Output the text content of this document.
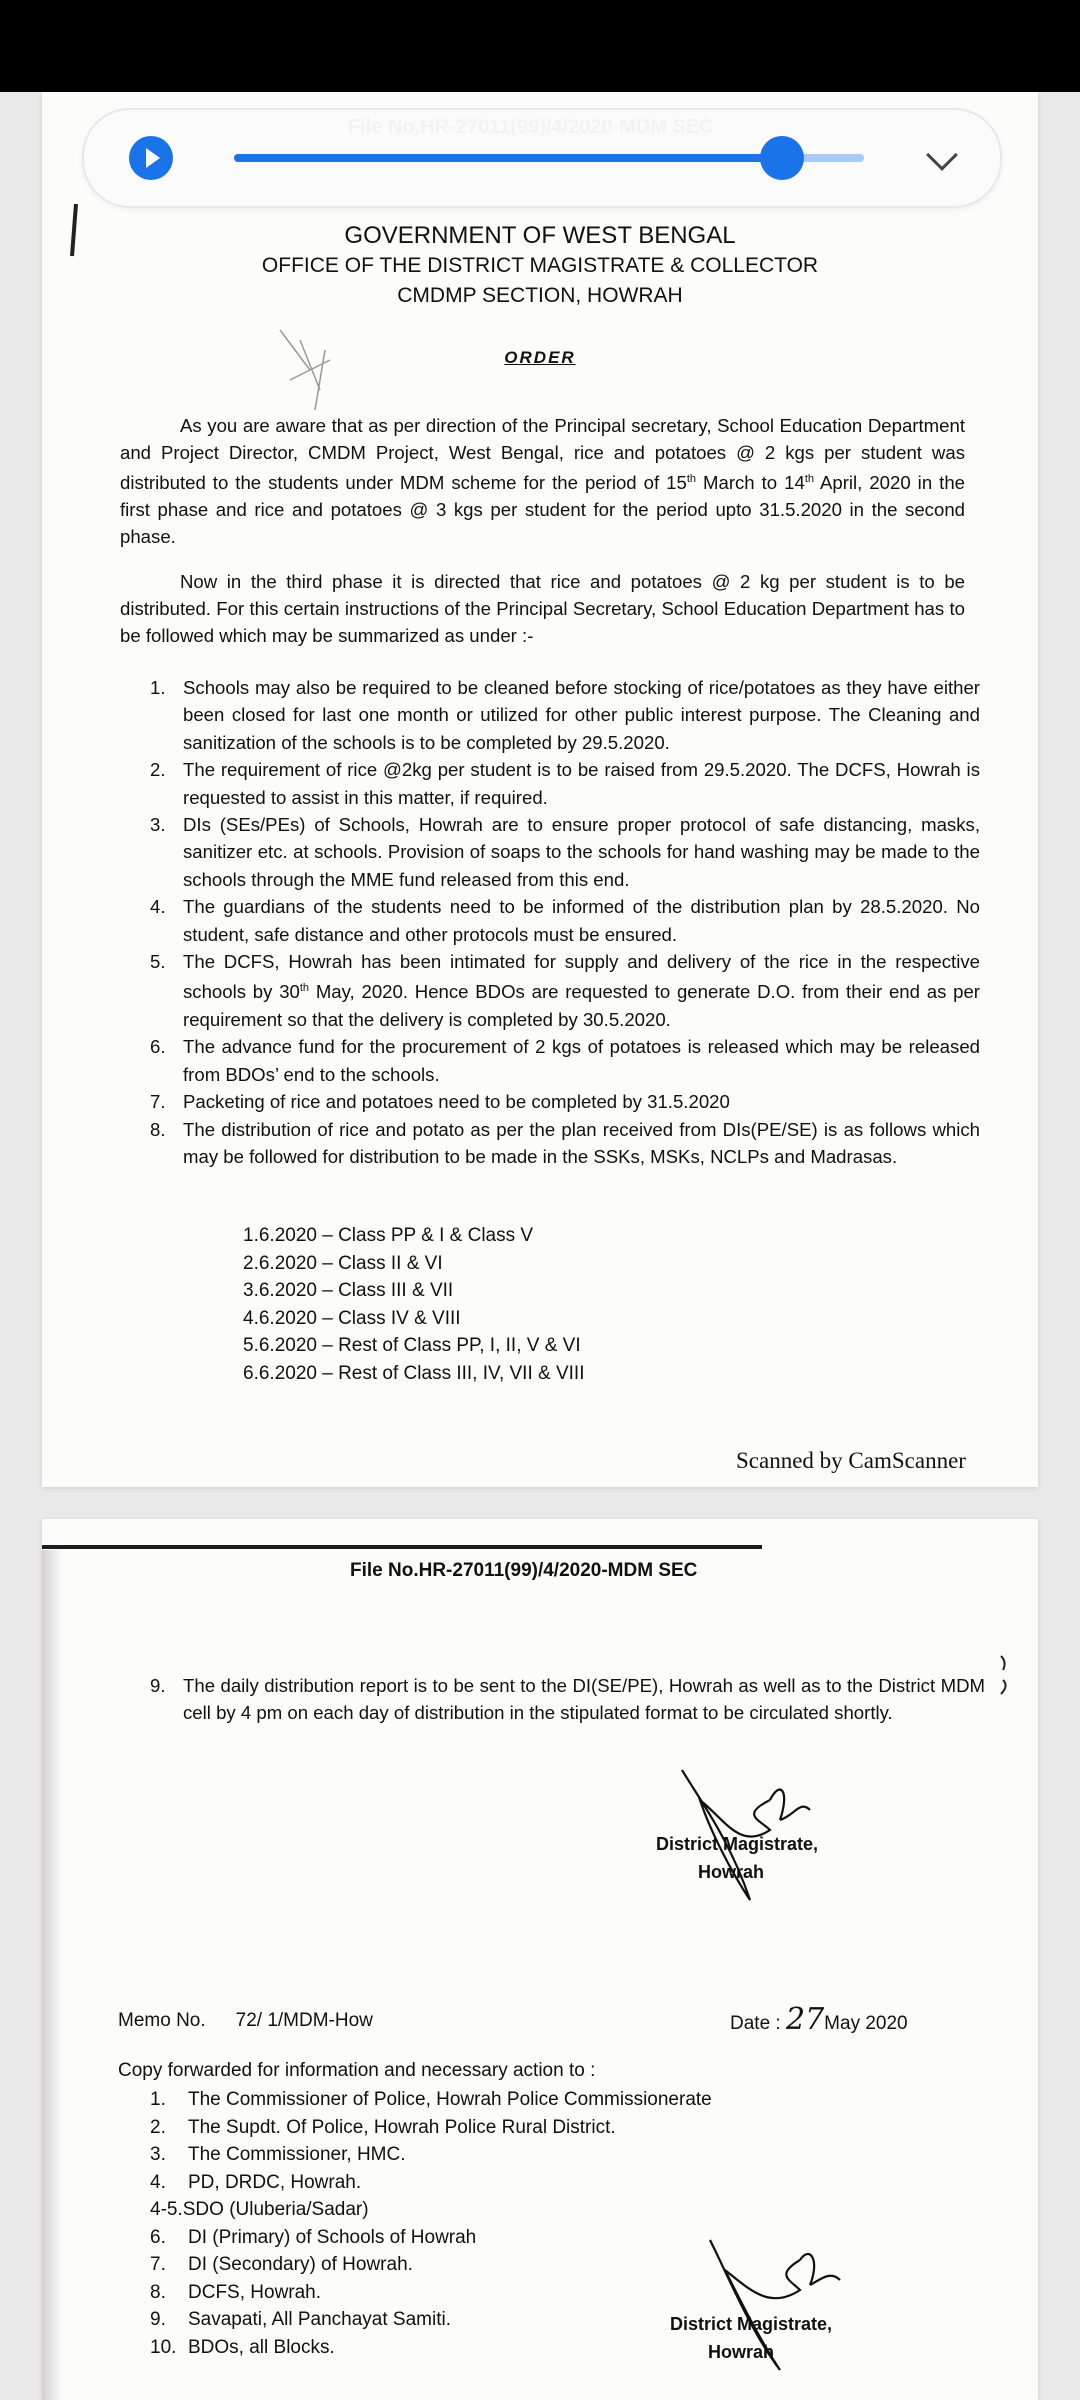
GOVERNMENT OF WEST BENGAL
OFFICE OF THE DISTRICT MAGISTRATE & COLLECTOR
CMDMP SECTION, HOWRAH
ORDER
As you are aware that as per direction of the Principal secretary, School Education Department and Project Director, CMDM Project, West Bengal, rice and potatoes @ 2 kgs per student was distributed to the students under MDM scheme for the period of 15th March to 14th April, 2020 in the first phase and rice and potatoes @ 3 kgs per student for the period upto 31.5.2020 in the second phase.
Now in the third phase it is directed that rice and potatoes @ 2 kg per student is to be distributed. For this certain instructions of the Principal Secretary, School Education Department has to be followed which may be summarized as under :-
1. Schools may also be required to be cleaned before stocking of rice/potatoes as they have either been closed for last one month or utilized for other public interest purpose. The Cleaning and sanitization of the schools is to be completed by 29.5.2020.
2. The requirement of rice @2kg per student is to be raised from 29.5.2020. The DCFS, Howrah is requested to assist in this matter, if required.
3. DIs (SEs/PEs) of Schools, Howrah are to ensure proper protocol of safe distancing, masks, sanitizer etc. at schools. Provision of soaps to the schools for hand washing may be made to the schools through the MME fund released from this end.
4. The guardians of the students need to be informed of the distribution plan by 28.5.2020. No student, safe distance and other protocols must be ensured.
5. The DCFS, Howrah has been intimated for supply and delivery of the rice in the respective schools by 30th May, 2020. Hence BDOs are requested to generate D.O. from their end as per requirement so that the delivery is completed by 30.5.2020.
6. The advance fund for the procurement of 2 kgs of potatoes is released which may be released from BDOs’ end to the schools.
7. Packeting of rice and potatoes need to be completed by 31.5.2020
8. The distribution of rice and potato as per the plan received from DIs(PE/SE) is as follows which may be followed for distribution to be made in the SSKs, MSKs, NCLPs and Madrasas.
1.6.2020 – Class PP & I & Class V
2.6.2020 – Class II & VI
3.6.2020 – Class III & VII
4.6.2020 – Class IV & VIII
5.6.2020 – Rest of Class PP, I, II, V & VI
6.6.2020 – Rest of Class III, IV, VII & VIII
Scanned by CamScanner
File No.HR-27011(99)/4/2020-MDM SEC
9. The daily distribution report is to be sent to the DI(SE/PE), Howrah as well as to the District MDM cell by 4 pm on each day of distribution in the stipulated format to be circulated shortly.
District Magistrate,
Howrah
Memo No. 72/ 1/MDM-How	Date : 27May 2020
Copy forwarded for information and necessary action to :
1. The Commissioner of Police, Howrah Police Commissionerate
2. The Supdt. Of Police, Howrah Police Rural District.
3. The Commissioner, HMC.
4. PD, DRDC, Howrah.
4-5.SDO (Uluberia/Sadar)
6. DI (Primary) of Schools of Howrah
7. DI (Secondary) of Howrah.
8. DCFS, Howrah.
9. Savapati, All Panchayat Samiti.
10. BDOs, all Blocks.
District Magistrate,
Howrah
